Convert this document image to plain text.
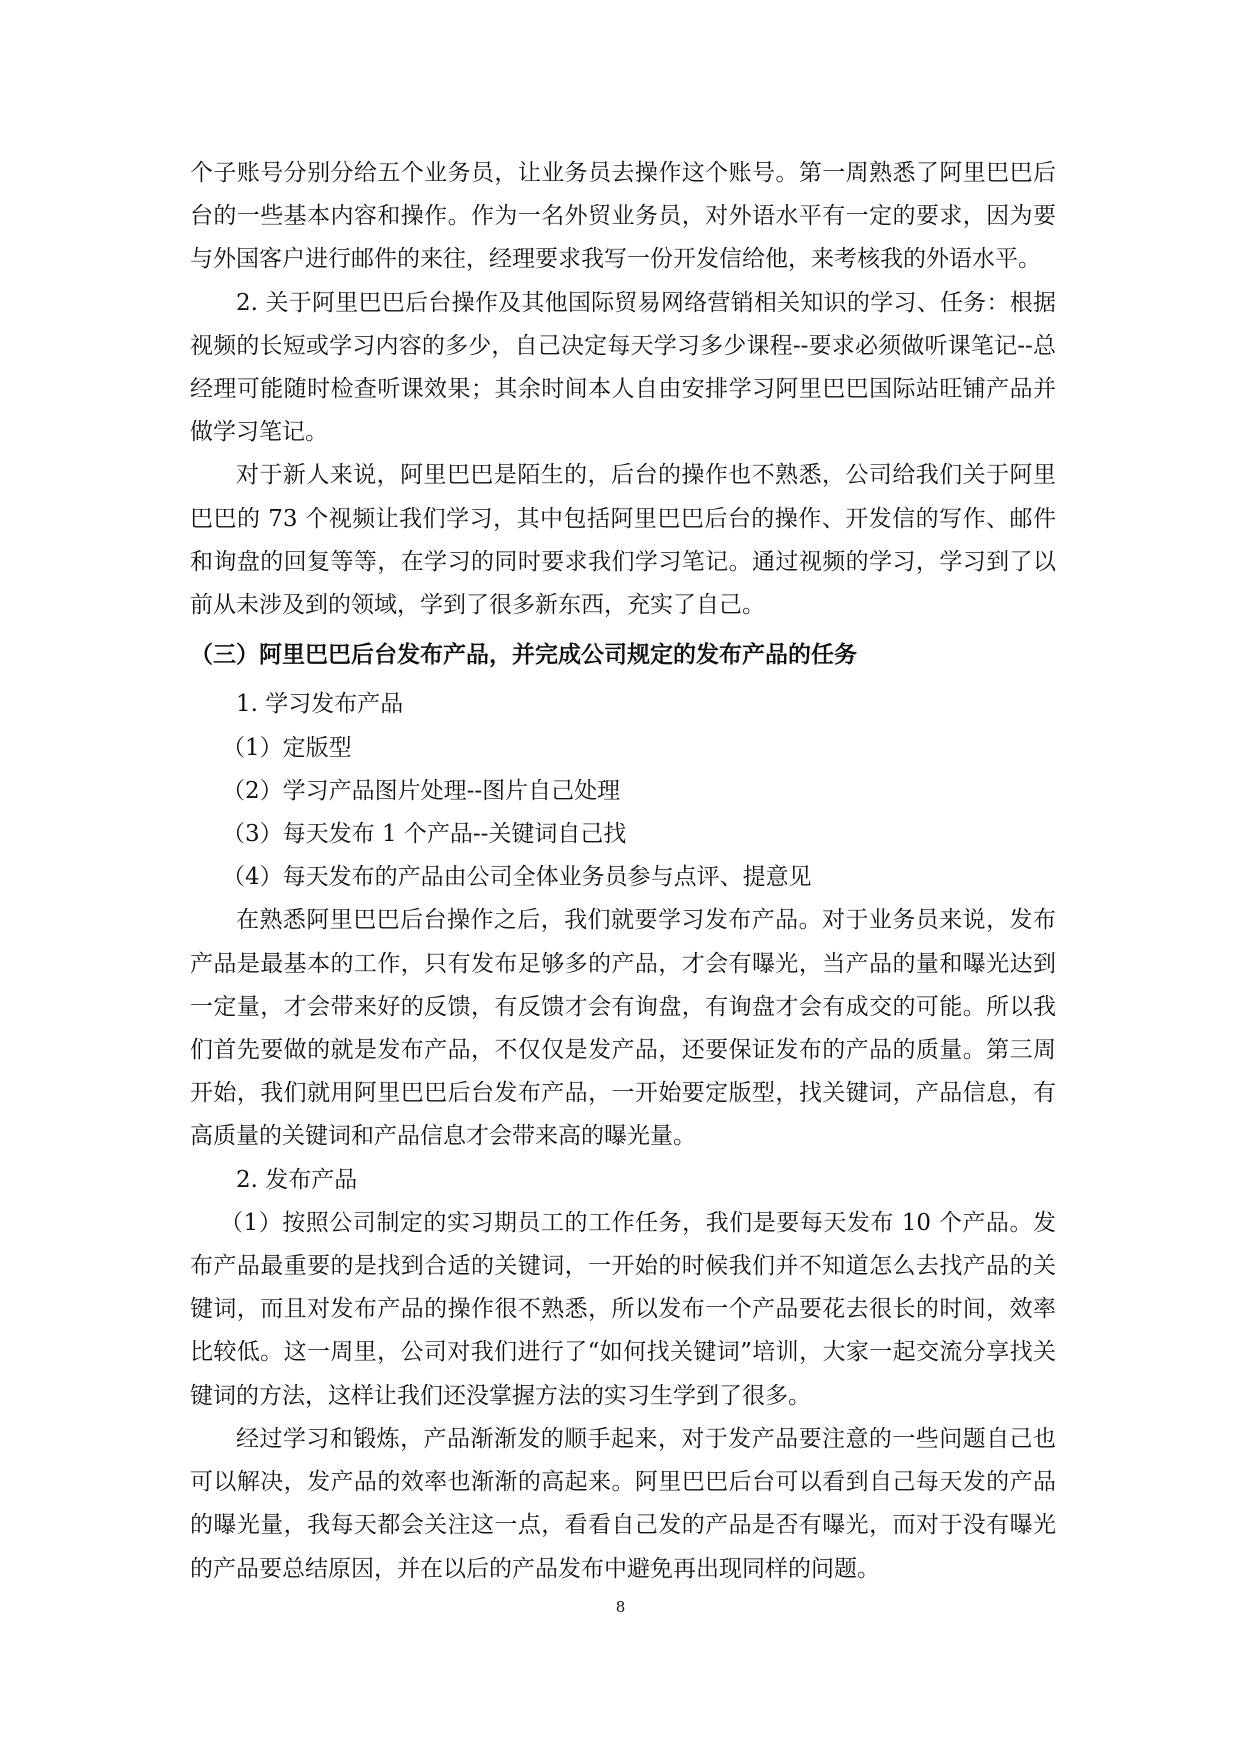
个子账号分别分给五个业务员，让业务员去操作这个账号。第一周熟悉了阿里巴巴后台的一些基本内容和操作。作为一名外贸业务员，对外语水平有一定的要求，因为要与外国客户进行邮件的来往，经理要求我写一份开发信给他，来考核我的外语水平。

2. 关于阿里巴巴后台操作及其他国际贸易网络营销相关知识的学习、任务：根据视频的长短或学习内容的多少，自己决定每天学习多少课程--要求必须做听课笔记--总经理可能随时检查听课效果；其余时间本人自由安排学习阿里巴巴国际站旺铺产品并做学习笔记。

对于新人来说，阿里巴巴是陌生的，后台的操作也不熟悉，公司给我们关于阿里巴巴的 73 个视频让我们学习，其中包括阿里巴巴后台的操作、开发信的写作、邮件和询盘的回复等等，在学习的同时要求我们学习笔记。通过视频的学习，学习到了以前从未涉及到的领域，学到了很多新东西，充实了自己。

（三）阿里巴巴后台发布产品，并完成公司规定的发布产品的任务

1. 学习发布产品

（1）定版型

（2）学习产品图片处理--图片自己处理

（3）每天发布 1 个产品--关键词自己找

（4）每天发布的产品由公司全体业务员参与点评、提意见

在熟悉阿里巴巴后台操作之后，我们就要学习发布产品。对于业务员来说，发布产品是最基本的工作，只有发布足够多的产品，才会有曝光，当产品的量和曝光达到一定量，才会带来好的反馈，有反馈才会有询盘，有询盘才会有成交的可能。所以我们首先要做的就是发布产品，不仅仅是发产品，还要保证发布的产品的质量。第三周开始，我们就用阿里巴巴后台发布产品，一开始要定版型，找关键词，产品信息，有高质量的关键词和产品信息才会带来高的曝光量。

2. 发布产品

（1）按照公司制定的实习期员工的工作任务，我们是要每天发布 10 个产品。发布产品最重要的是找到合适的关键词，一开始的时候我们并不知道怎么去找产品的关键词，而且对发布产品的操作很不熟悉，所以发布一个产品要花去很长的时间，效率比较低。这一周里，公司对我们进行了“如何找关键词”培训，大家一起交流分享找关键词的方法，这样让我们还没掌握方法的实习生学到了很多。

经过学习和锻炼，产品渐渐发的顺手起来，对于发产品要注意的一些问题自己也可以解决，发产品的效率也渐渐的高起来。阿里巴巴后台可以看到自己每天发的产品的曝光量，我每天都会关注这一点，看看自己发的产品是否有曝光，而对于没有曝光的产品要总结原因，并在以后的产品发布中避免再出现同样的问题。

8
